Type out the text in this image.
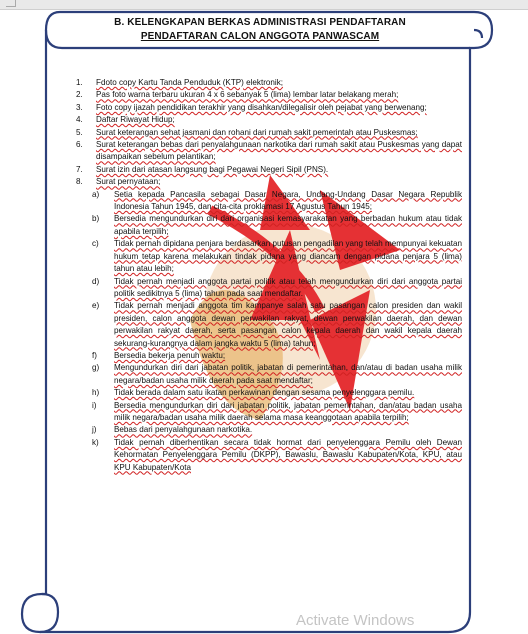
B. KELENGKAPAN BERKAS ADMINISTRASI PENDAFTARAN
PENDAFTARAN CALON ANGGOTA PANWASCAM
1. Fdoto copy Kartu Tanda Penduduk (KTP) elektronik;
2. Pas foto warna terbaru ukuran 4 x 6 sebanyak 5 (lima) lembar latar belakang merah;
3. Foto copy ijazah pendidikan terakhir yang disahkan/dilegalisir oleh pejabat yang berwenang;
4. Daftar Riwayat Hidup;
5. Surat keterangan sehat jasmani dan rohani dari rumah sakit pemerintah atau Puskesmas;
6. Surat keterangan bebas dari penyalahgunaan narkotika dari rumah sakit atau Puskesmas yang dapat disampaikan sebelum pelantikan;
7. Surat izin dari atasan langsung bagi Pegawai Negeri Sipil (PNS).
8. Surat pernyataan;
a) Setia kepada Pancasila sebagai Dasar Negara, Undang-Undang Dasar Negara Republik Indonesia Tahun 1945, dan cita-cita proklamasi 17 Agustus Tahun 1945;
b) Bersedia mengundurkan diri dari organisasi kemasyarakatan yang berbadan hukum atau tidak apabila terpilih;
c) Tidak pernah dipidana penjara berdasarkan putusan pengadilan yang telah mempunyai kekuatan hukum tetap karena melakukan tindak pidana yang diancam dengan pidana penjara 5 (lima) tahun atau lebih;
d) Tidak pernah menjadi anggota partai politik atau telah mengundurkan diri dari anggota partai politik sedikitnya 5 (lima) tahun pada saat mendaftar.
e) Tidak pernah menjadi anggota tim kampanye salah satu pasangan calon presiden dan wakil presiden, calon anggota dewan perwakilan rakyat, dewan perwakilan daerah, dan dewan perwakilan rakyat daerah, serta pasangan calon kepala daerah dan wakil kepala daerah sekurang-kurangnya dalam jangka waktu 5 (lima) tahun;
f) Bersedia bekerja penuh waktu;
g) Mengundurkan diri dari jabatan politik, jabatan di pemerintahan, dan/atau di badan usaha milik negara/badan usaha milik daerah pada saat mendaftar;
h) Tidak berada dalam satu ikatan perkawinan dengan sesama penyelenggara pemilu.
i) Bersedia mengundurkan diri dari jabatan politik, jabatan pemerintahan, dan/atau badan usaha milik negara/badan usaha milik daerah selama masa keanggotaan apabila terpilih;
j) Bebas dari penyalahgunaan narkotika.
k) Tidak pernah diberhentikan secara tidak hormat dari penyelenggara Pemilu oleh Dewan Kehormatan Penyelenggara Pemilu (DKPP), Bawaslu, Bawaslu Kabupaten/Kota, KPU, atau KPU Kabupaten/Kota
Activate Windows
